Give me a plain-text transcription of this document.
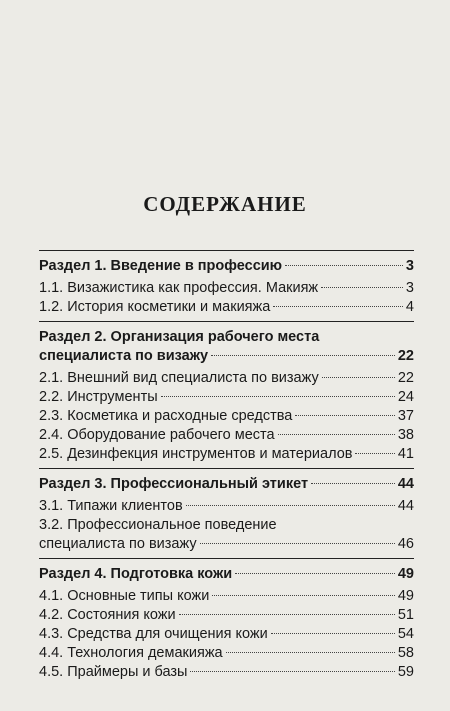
СОДЕРЖАНИЕ
Раздел 1. Введение в профессию	3
1.1. Визажистика как профессия. Макияж	3
1.2. История косметики и макияжа	4
Раздел 2. Организация рабочего места
специалиста по визажу	22
2.1. Внешний вид специалиста по визажу	22
2.2. Инструменты	24
2.3. Косметика и расходные средства	37
2.4. Оборудование рабочего места	38
2.5. Дезинфекция инструментов и материалов	41
Раздел 3. Профессиональный этикет	44
3.1. Типажи клиентов	44
3.2. Профессиональное поведение
специалиста по визажу	46
Раздел 4. Подготовка кожи	49
4.1. Основные типы кожи	49
4.2. Состояния кожи	51
4.3. Средства для очищения кожи	54
4.4. Технология демакияжа	58
4.5. Праймеры и базы	59
